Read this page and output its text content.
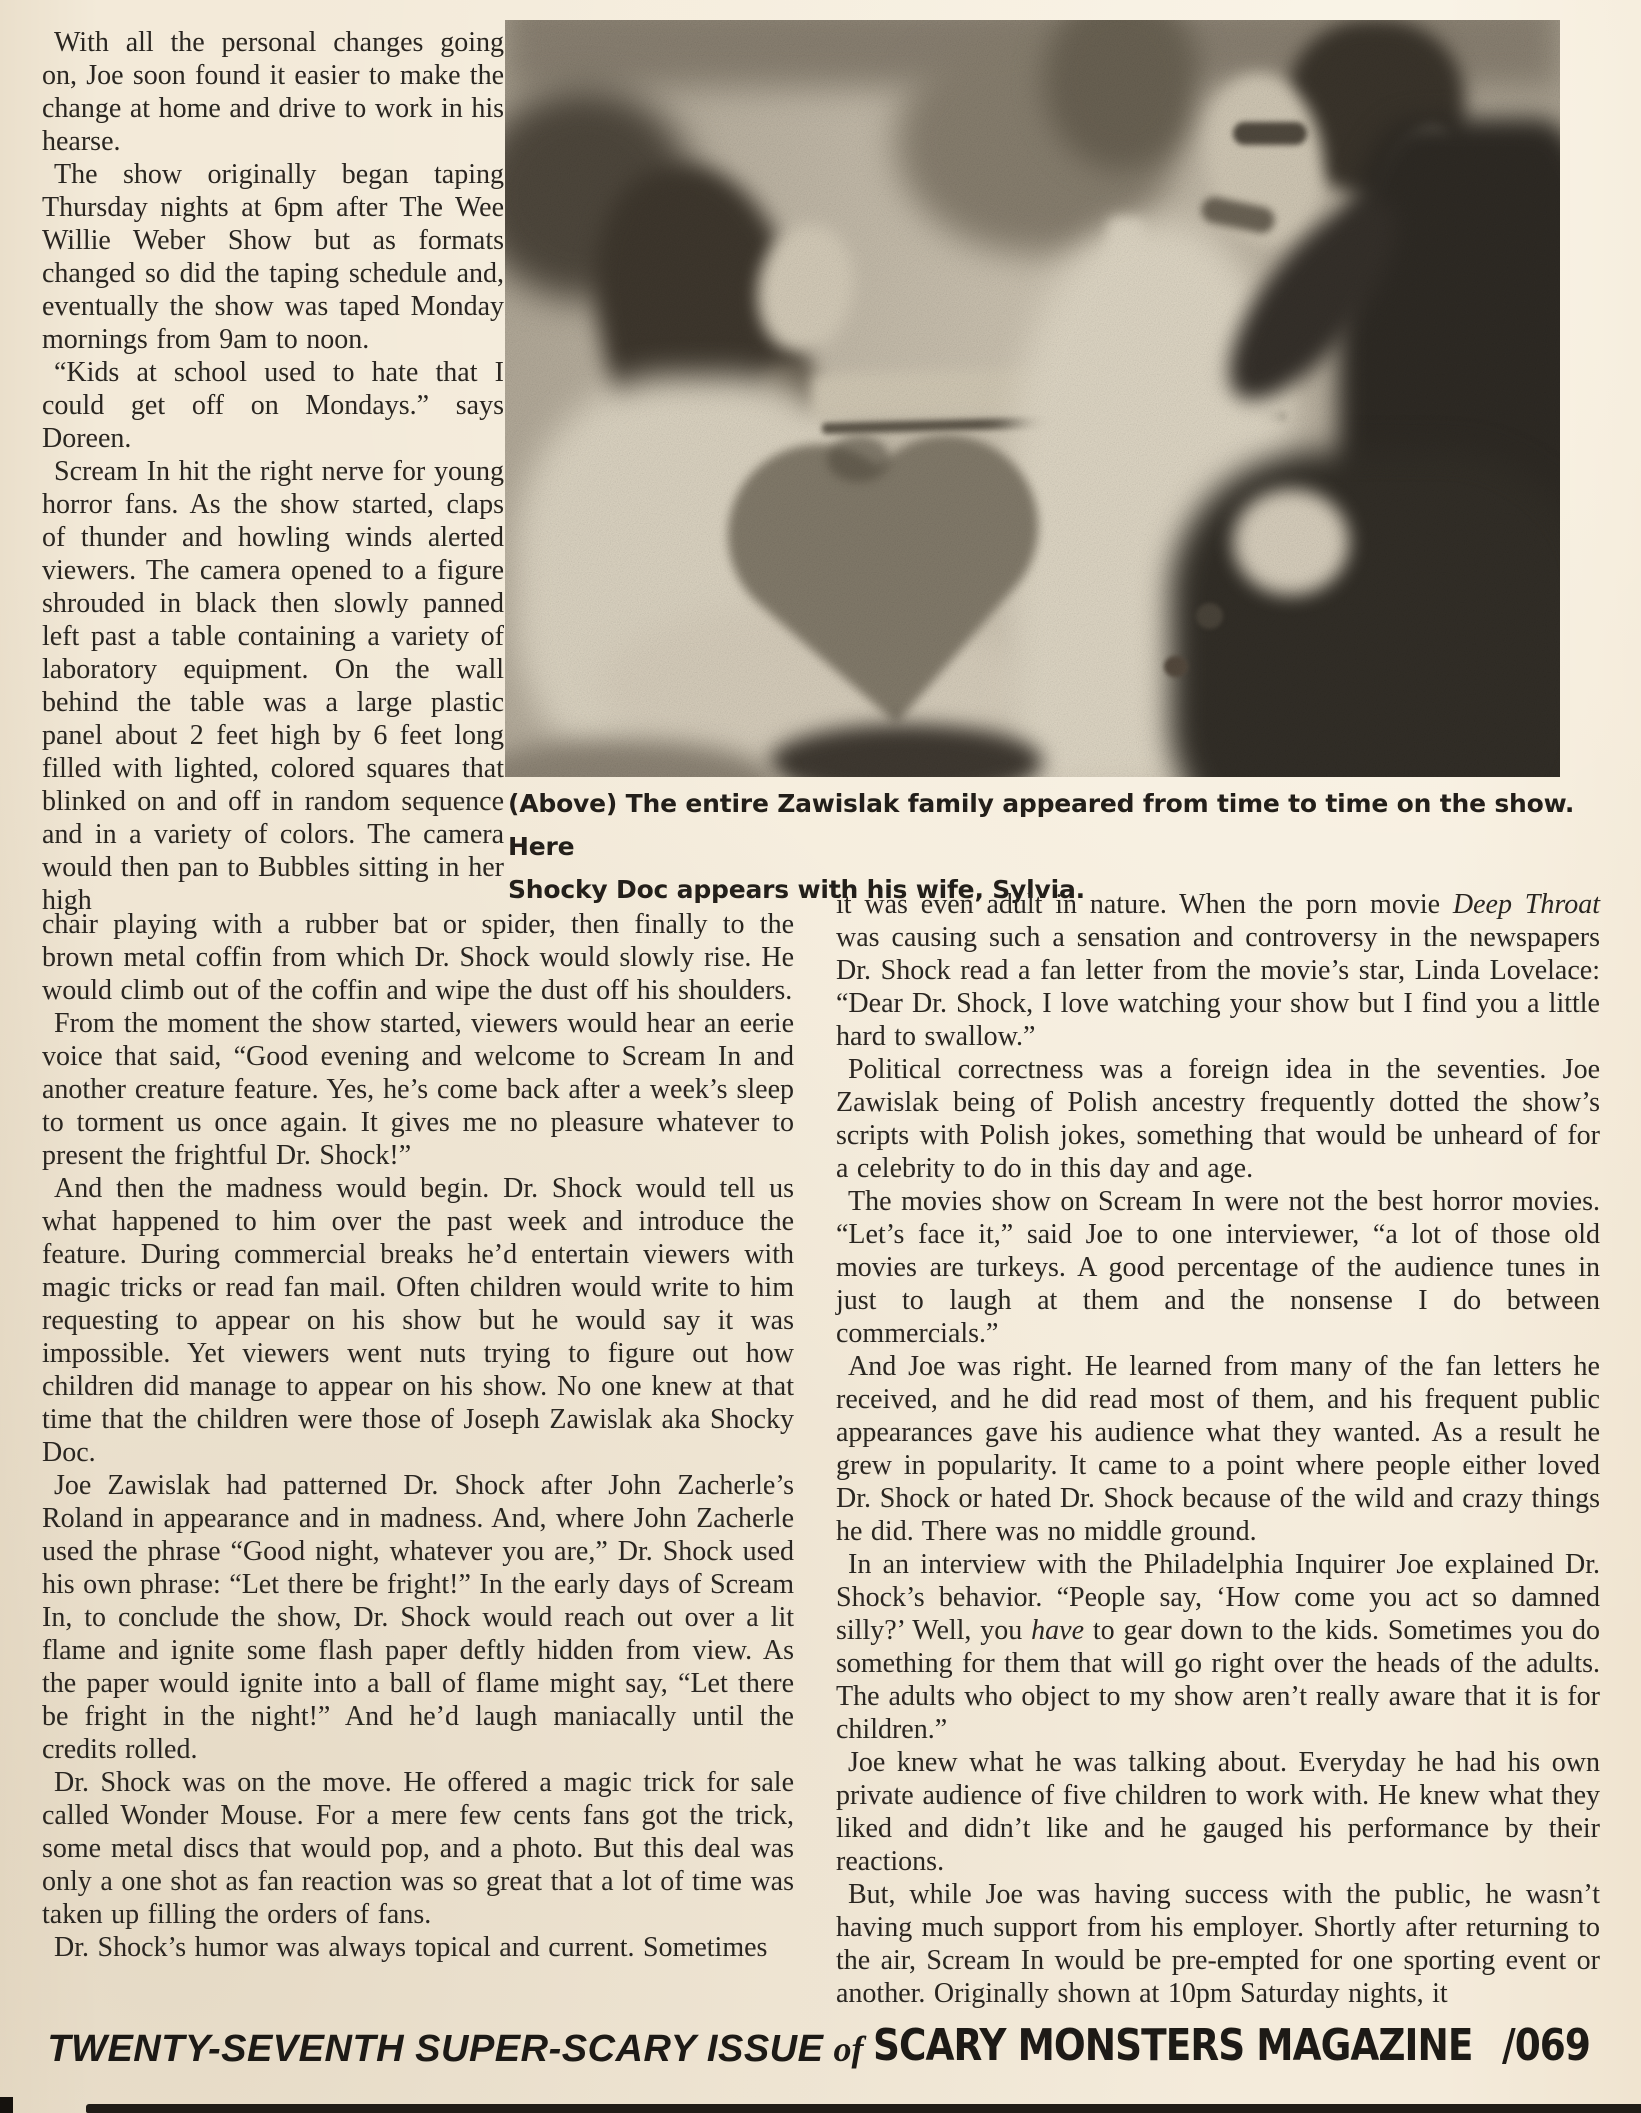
With all the personal changes going on, Joe soon found it easier to make the change at home and drive to work in his hearse.

The show originally began taping Thursday nights at 6pm after The Wee Willie Weber Show but as formats changed so did the taping schedule and, eventually the show was taped Monday mornings from 9am to noon.

“Kids at school used to hate that I could get off on Mondays.” says Doreen.

Scream In hit the right nerve for young horror fans. As the show started, claps of thunder and howling winds alerted viewers. The camera opened to a figure shrouded in black then slowly panned left past a table containing a variety of laboratory equipment. On the wall behind the table was a large plastic panel about 2 feet high by 6 feet long filled with lighted, colored squares that blinked on and off in random sequence and in a variety of colors. The camera would then pan to Bubbles sitting in her high

(Above) The entire Zawislak family appeared from time to time on the show. Here

Shocky Doc appears with his wife, Sylvia.

chair playing with a rubber bat or spider, then finally to the brown metal coffin from which Dr. Shock would slowly rise. He would climb out of the coffin and wipe the dust off his shoulders.

From the moment the show started, viewers would hear an eerie voice that said, “Good evening and welcome to Scream In and another creature feature. Yes, he’s come back after a week’s sleep to torment us once again. It gives me no pleasure whatever to present the frightful Dr. Shock!”

And then the madness would begin. Dr. Shock would tell us what happened to him over the past week and introduce the feature. During commercial breaks he’d entertain viewers with magic tricks or read fan mail. Often children would write to him requesting to appear on his show but he would say it was impossible. Yet viewers went nuts trying to figure out how children did manage to appear on his show. No one knew at that time that the children were those of Joseph Zawislak aka Shocky Doc.

Joe Zawislak had patterned Dr. Shock after John Zacherle’s Roland in appearance and in madness. And, where John Zacherle used the phrase “Good night, whatever you are,” Dr. Shock used his own phrase: “Let there be fright!” In the early days of Scream In, to conclude the show, Dr. Shock would reach out over a lit flame and ignite some flash paper deftly hidden from view. As the paper would ignite into a ball of flame might say, “Let there be fright in the night!” And he’d laugh maniacally until the credits rolled.

Dr. Shock was on the move. He offered a magic trick for sale called Wonder Mouse. For a mere few cents fans got the trick, some metal discs that would pop, and a photo. But this deal was only a one shot as fan reaction was so great that a lot of time was taken up filling the orders of fans.

Dr. Shock’s humor was always topical and current. Sometimes

it was even adult in nature. When the porn movie Deep Throat was causing such a sensation and controversy in the newspapers Dr. Shock read a fan letter from the movie’s star, Linda Lovelace: “Dear Dr. Shock, I love watching your show but I find you a little hard to swallow.”

Political correctness was a foreign idea in the seventies. Joe Zawislak being of Polish ancestry frequently dotted the show’s scripts with Polish jokes, something that would be unheard of for a celebrity to do in this day and age.

The movies show on Scream In were not the best horror movies. “Let’s face it,” said Joe to one interviewer, “a lot of those old movies are turkeys. A good percentage of the audience tunes in just to laugh at them and the nonsense I do between commercials.”

And Joe was right. He learned from many of the fan letters he received, and he did read most of them, and his frequent public appearances gave his audience what they wanted. As a result he grew in popularity. It came to a point where people either loved Dr. Shock or hated Dr. Shock because of the wild and crazy things he did. There was no middle ground.

In an interview with the Philadelphia Inquirer Joe explained Dr. Shock’s behavior. “People say, ‘How come you act so damned silly?’ Well, you have to gear down to the kids. Sometimes you do something for them that will go right over the heads of the adults. The adults who object to my show aren’t really aware that it is for children.”

Joe knew what he was talking about. Everyday he had his own private audience of five children to work with. He knew what they liked and didn’t like and he gauged his performance by their reactions.

But, while Joe was having success with the public, he wasn’t having much support from his employer. Shortly after returning to the air, Scream In would be pre-empted for one sporting event or another. Originally shown at 10pm Saturday nights, it

TWENTY-SEVENTH SUPER-SCARY ISSUE of SCARY MONSTERS MAGAZINE /069
